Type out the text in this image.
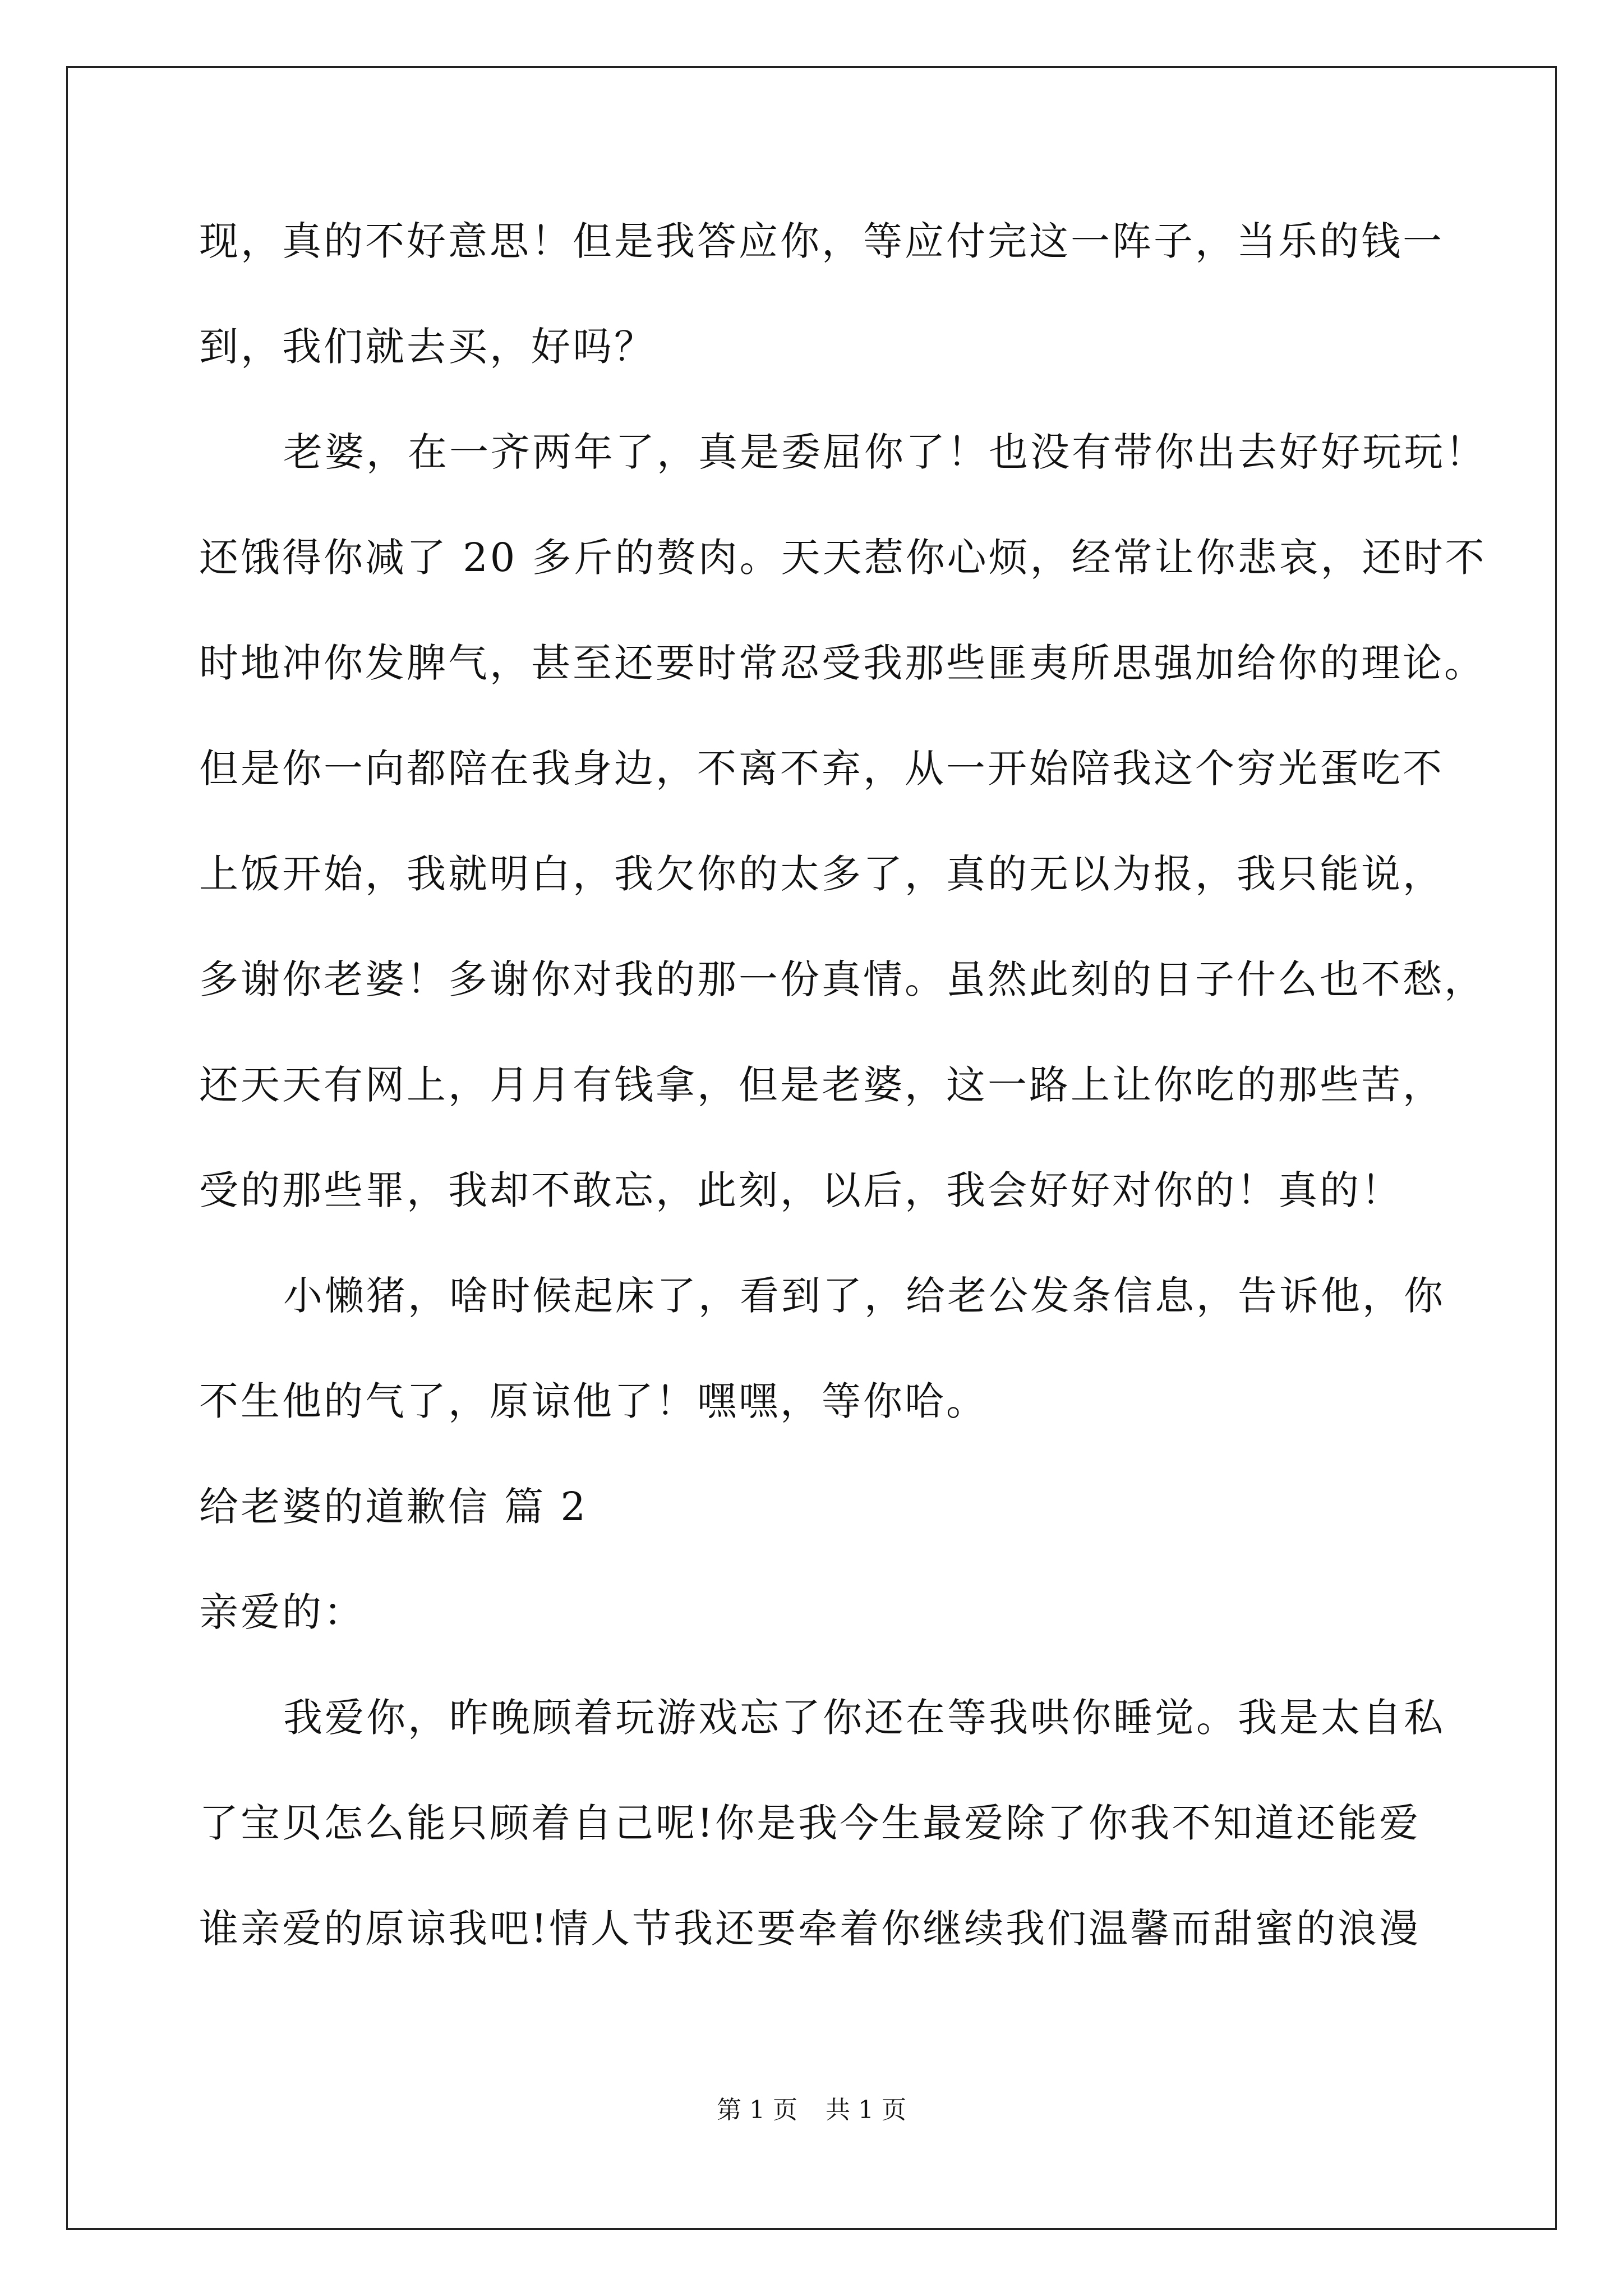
现，真的不好意思！但是我答应你，等应付完这一阵子，当乐的钱一
到，我们就去买，好吗？
老婆，在一齐两年了，真是委屈你了！也没有带你出去好好玩玩！
还饿得你减了 20 多斤的赘肉。天天惹你心烦，经常让你悲哀，还时不
时地冲你发脾气，甚至还要时常忍受我那些匪夷所思强加给你的理论。
但是你一向都陪在我身边，不离不弃，从一开始陪我这个穷光蛋吃不
上饭开始，我就明白，我欠你的太多了，真的无以为报，我只能说，
多谢你老婆！多谢你对我的那一份真情。虽然此刻的日子什么也不愁，
还天天有网上，月月有钱拿，但是老婆，这一路上让你吃的那些苦，
受的那些罪，我却不敢忘，此刻，以后，我会好好对你的！真的！
小懒猪，啥时候起床了，看到了，给老公发条信息，告诉他，你
不生他的气了，原谅他了！嘿嘿，等你哈。
给老婆的道歉信 篇 2
亲爱的：
我爱你，昨晚顾着玩游戏忘了你还在等我哄你睡觉。我是太自私
了宝贝怎么能只顾着自己呢!你是我今生最爱除了你我不知道还能爱
谁亲爱的原谅我吧!情人节我还要牵着你继续我们温馨而甜蜜的浪漫
第 1 页 共 1 页
